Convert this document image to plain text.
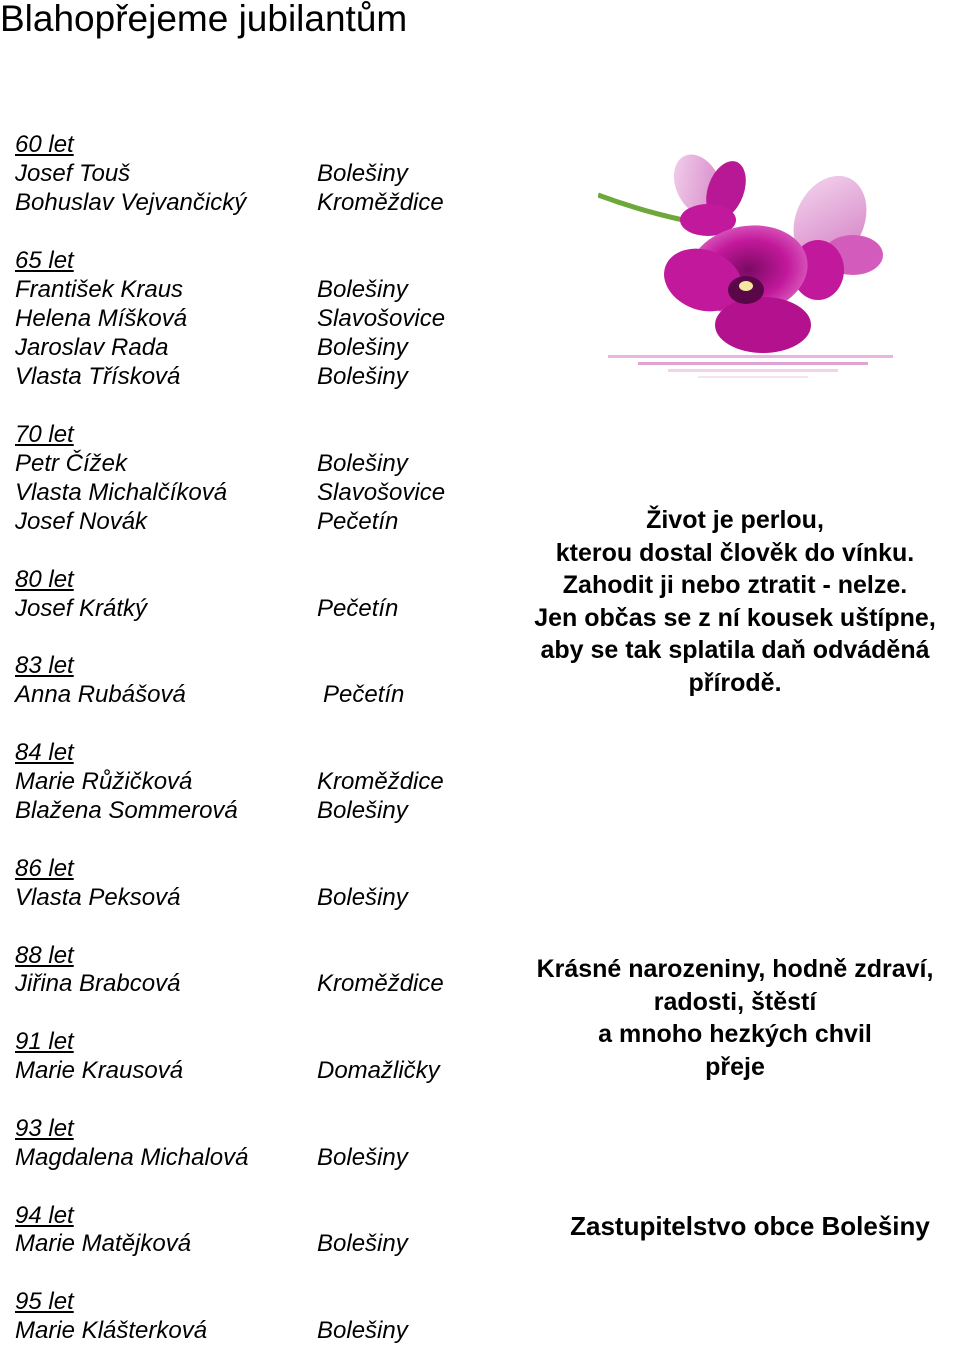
Blahopřejeme jubilantům
60 let
Josef Touš	Bolešiny
Bohuslav Vejvančický	Kroměždice
65 let
František Kraus	Bolešiny
Helena Míšková	Slavošovice
Jaroslav Rada	Bolešiny
Vlasta Třísková	Bolešiny
70 let
Petr Čížek	Bolešiny
Vlasta Michalčíková	Slavošovice
Josef Novák	Pečetín
80 let
Josef Krátký	Pečetín
83 let
Anna Rubášová	Pečetín
84 let
Marie Růžičková	Kroměždice
Blažena Sommerová	Bolešiny
86 let
Vlasta Peksová	Bolešiny
88 let
Jiřina Brabcová	Kroměždice
91 let
Marie Krausová	Domažličky
93 let
Magdalena Michalová	Bolešiny
94 let
Marie Matějková	Bolešiny
95 let
Marie Klášterková	Bolešiny
Život je perlou,
kterou dostal člověk do vínku.
Zahodit ji nebo ztratit - nelze.
Jen občas se z ní kousek uštípne,
aby se tak splatila daň odváděná
přírodě.
Krásné narozeniny, hodně zdraví,
radosti, štěstí
a mnoho hezkých chvil
přeje
Zastupitelstvo obce Bolešiny
